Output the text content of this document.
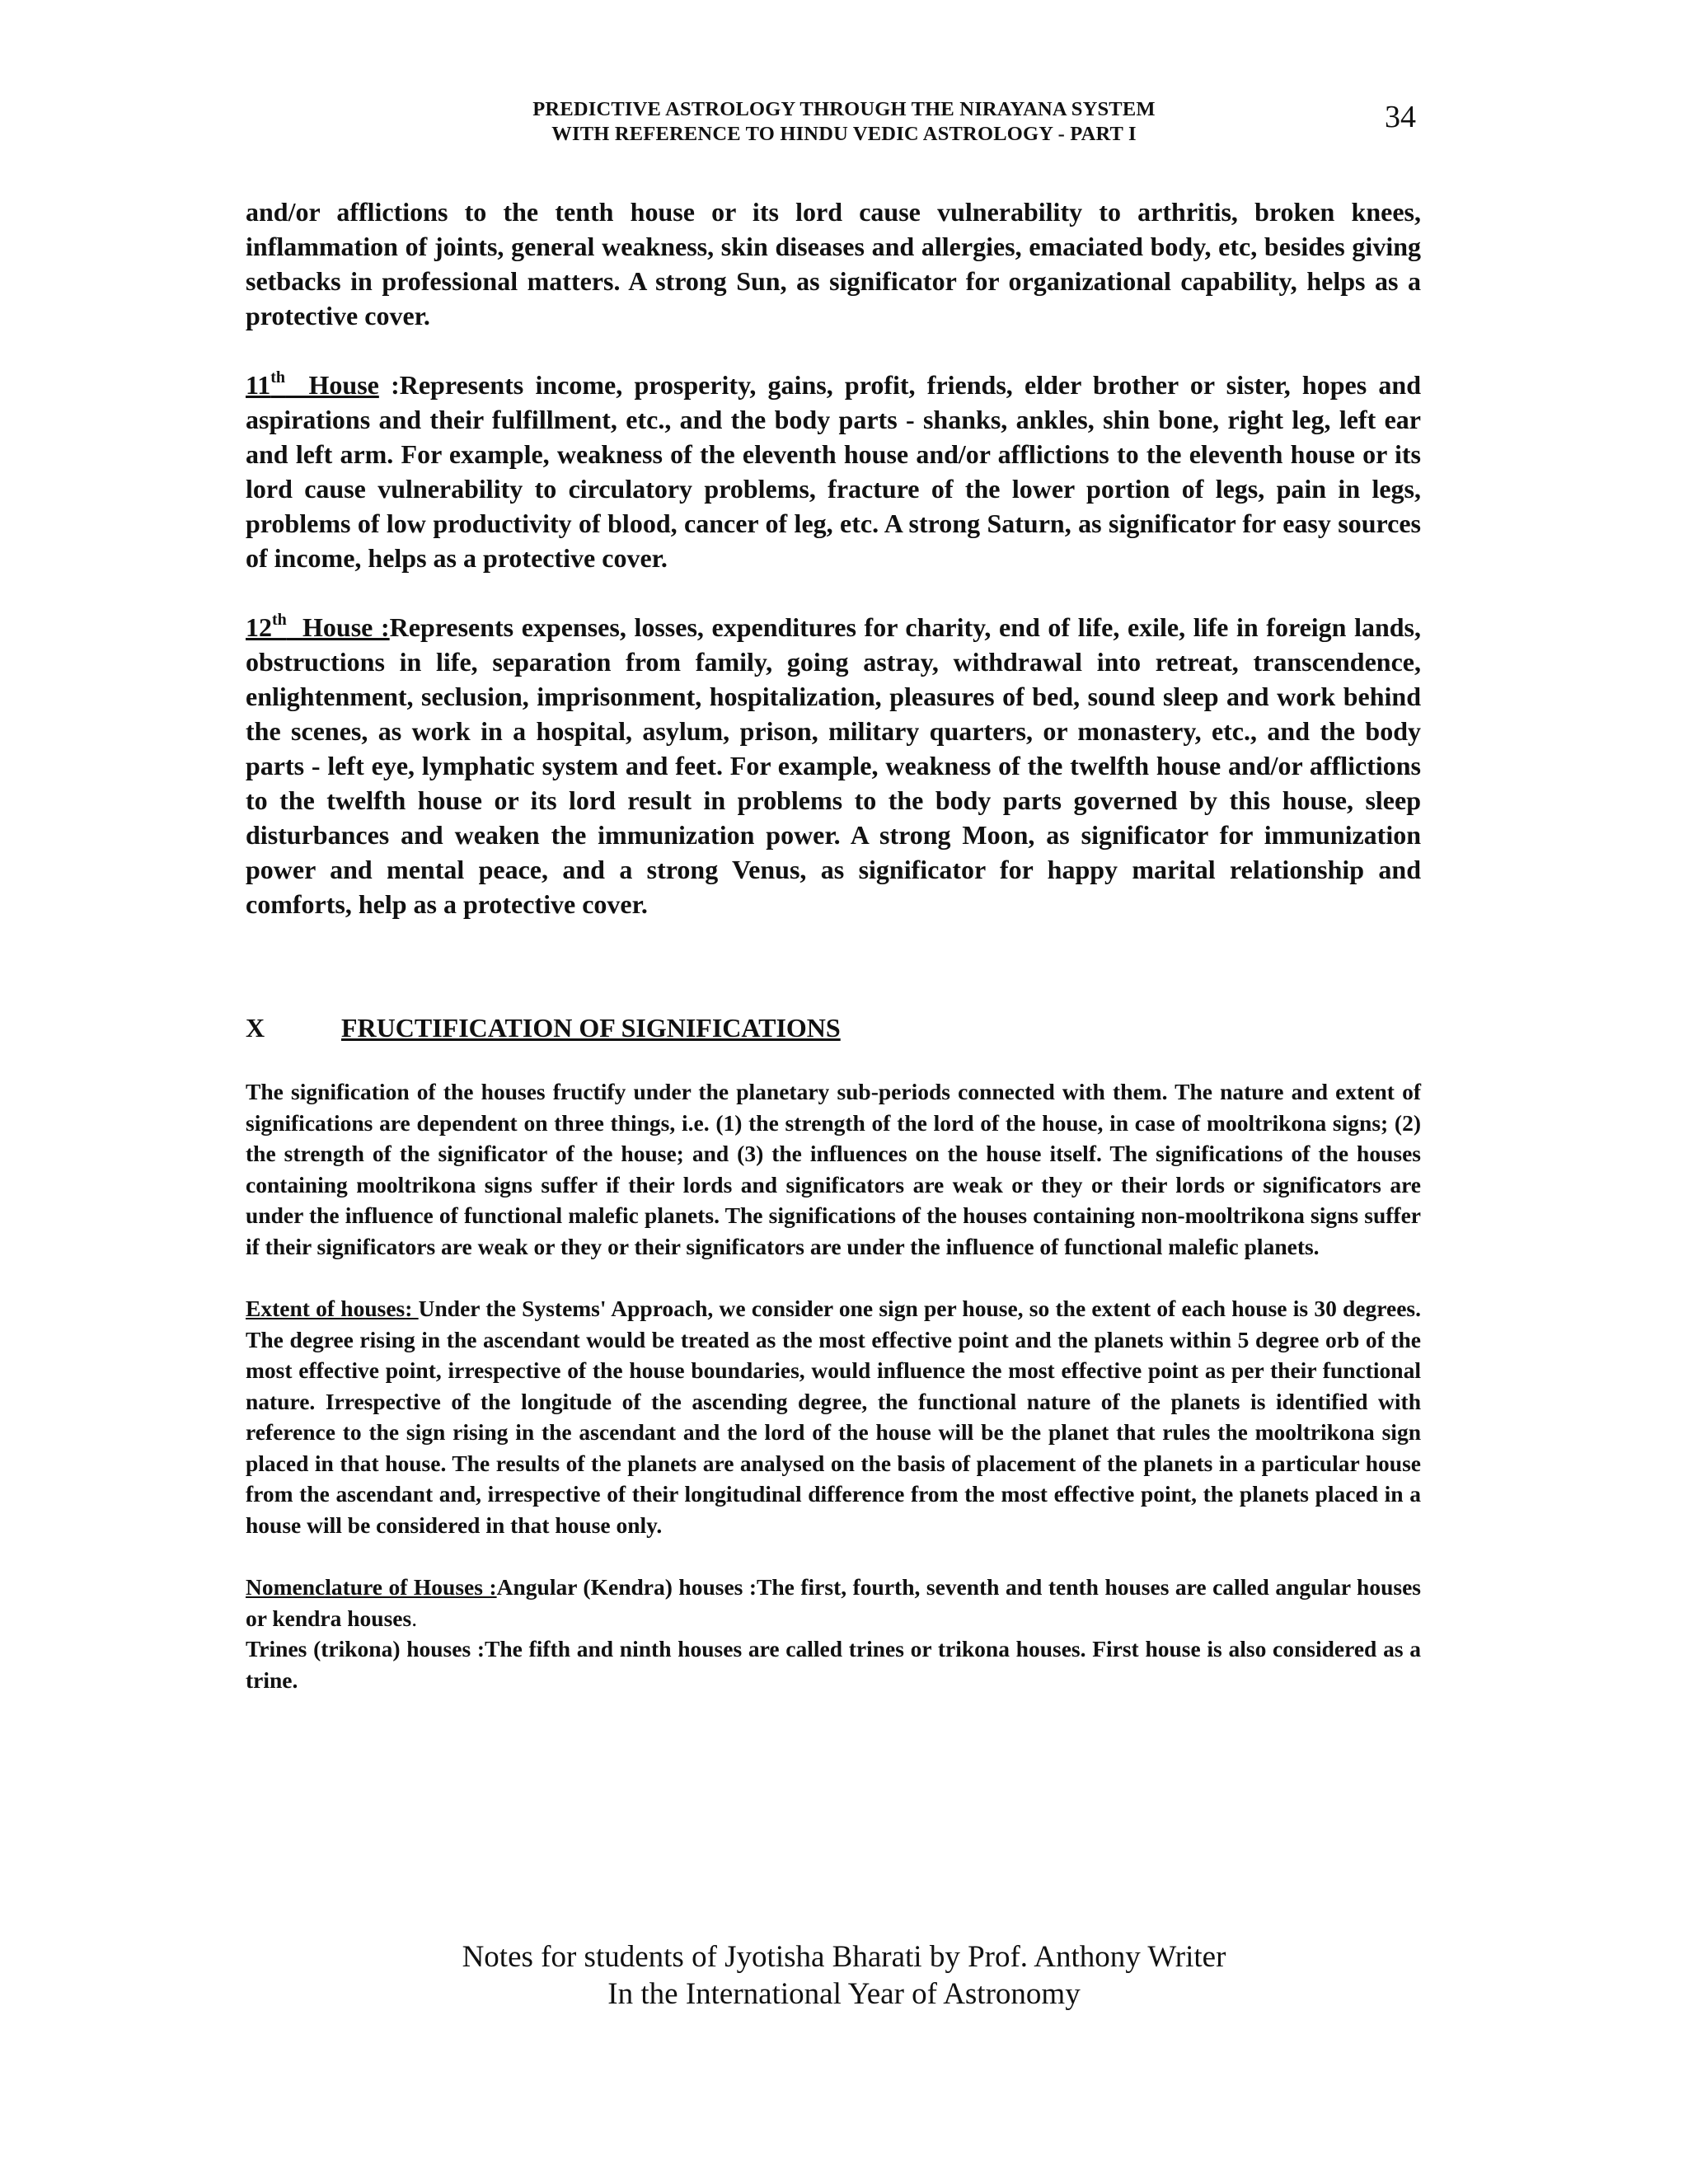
PREDICTIVE ASTROLOGY THROUGH THE NIRAYANA SYSTEM
WITH REFERENCE TO HINDU VEDIC ASTROLOGY - PART I	34

and/or afflictions to the tenth house or its lord cause vulnerability to arthritis, broken knees, inflammation of joints, general weakness, skin diseases and allergies, emaciated body, etc, besides giving setbacks in professional matters. A strong Sun, as significator for organizational capability, helps as a protective cover.

11th House :Represents income, prosperity, gains, profit, friends, elder brother or sister, hopes and aspirations and their fulfillment, etc., and the body parts - shanks, ankles, shin bone, right leg, left ear and left arm. For example, weakness of the eleventh house and/or afflictions to the eleventh house or its lord cause vulnerability to circulatory problems, fracture of the lower portion of legs, pain in legs, problems of low productivity of blood, cancer of leg, etc. A strong Saturn, as significator for easy sources of income, helps as a protective cover.

12th House :Represents expenses, losses, expenditures for charity, end of life, exile, life in foreign lands, obstructions in life, separation from family, going astray, withdrawal into retreat, transcendence, enlightenment, seclusion, imprisonment, hospitalization, pleasures of bed, sound sleep and work behind the scenes, as work in a hospital, asylum, prison, military quarters, or monastery, etc., and the body parts - left eye, lymphatic system and feet. For example, weakness of the twelfth house and/or afflictions to the twelfth house or its lord result in problems to the body parts governed by this house, sleep disturbances and weaken the immunization power. A strong Moon, as significator for immunization power and mental peace, and a strong Venus, as significator for happy marital relationship and comforts, help as a protective cover.

X	FRUCTIFICATION OF SIGNIFICATIONS

The signification of the houses fructify under the planetary sub-periods connected with them. The nature and extent of significations are dependent on three things, i.e. (1) the strength of the lord of the house, in case of mooltrikona signs; (2) the strength of the significator of the house; and (3) the influences on the house itself. The significations of the houses containing mooltrikona signs suffer if their lords and significators are weak or they or their lords or significators are under the influence of functional malefic planets. The significations of the houses containing non-mooltrikona signs suffer if their significators are weak or they or their significators are under the influence of functional malefic planets.

Extent of houses: Under the Systems' Approach, we consider one sign per house, so the extent of each house is 30 degrees. The degree rising in the ascendant would be treated as the most effective point and the planets within 5 degree orb of the most effective point, irrespective of the house boundaries, would influence the most effective point as per their functional nature. Irrespective of the longitude of the ascending degree, the functional nature of the planets is identified with reference to the sign rising in the ascendant and the lord of the house will be the planet that rules the mooltrikona sign placed in that house. The results of the planets are analysed on the basis of placement of the planets in a particular house from the ascendant and, irrespective of their longitudinal difference from the most effective point, the planets placed in a house will be considered in that house only.

Nomenclature of Houses :Angular (Kendra) houses :The first, fourth, seventh and tenth houses are called angular houses or kendra houses.
Trines (trikona) houses :The fifth and ninth houses are called trines or trikona houses. First house is also considered as a trine.

Notes for students of Jyotisha Bharati by Prof. Anthony Writer
In the International Year of Astronomy
